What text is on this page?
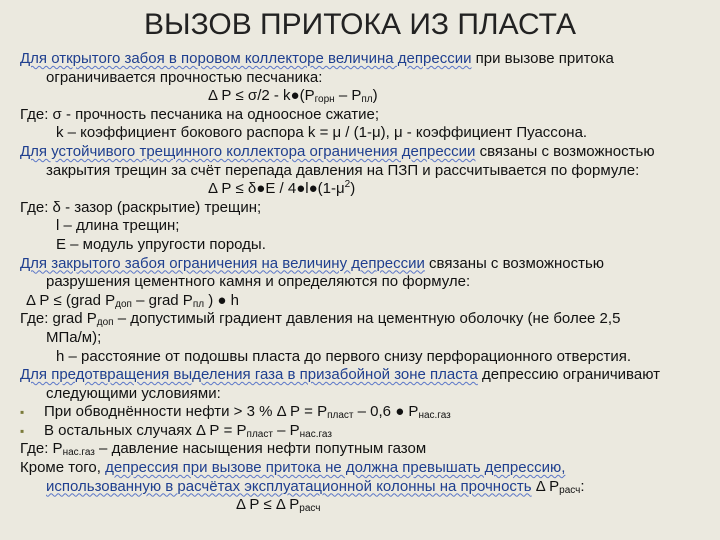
ВЫЗОВ ПРИТОКА ИЗ ПЛАСТА
Для открытого забоя в поровом коллекторе величина депрессии при вызове притока
ограничивается прочностью песчаника:
Δ $Р \le \sigma/2 - k●(Р_{горн} - Р_{пл})$
Где: σ - прочность песчаника на одноосное сжатие;
k – коэффициент бокового распора k = μ / (1-μ), μ - коэффициент Пуассона.
Для устойчивого трещинного коллектора ограничения депрессии связаны с возможностью
закрытия трещин за счёт перепада давления на ПЗП и рассчитывается по формуле:
Δ Р ≤ δ●Е / $4●l●(1-\mu^2)$
Где: δ - зазор (раскрытие) трещин;
l – длина трещин;
Е – модуль упругости породы.
Для закрытого забоя ограничения на величину депрессии связаны с возможностью
разрушения цементного камня и определяются по формуле:
Δ Р ≤ (grad $Р_{доп}$ – grad $Р_{пл}$ ) ● h
Где: grad $Р_{доп}$ – допустимый градиент давления на цементную оболочку (не более 2,5
МПа/м);
h – расстояние от подошвы пласта до первого снизу перфорационного отверстия.
Для предотвращения выделения газа в призабойной зоне пласта депрессию ограничивают
следующими условиями:
▪ При обводнённости нефти > 3 % Δ $Р = Р_{пласт} - 0,6$ ● $Р_{нас.газ}$
▪ В остальных случаях Δ $Р = Р_{пласт} - Р_{нас.газ}$
Где: $Р_{нас.газ}$ – давление насыщения нефти попутным газом
Кроме того, депрессия при вызове притока не должна превышать депрессию,
использованную в расчётах эксплуатационной колонны на прочность Δ $Р_{расч}$:
Δ Р ≤ Δ $Р_{расч}$
